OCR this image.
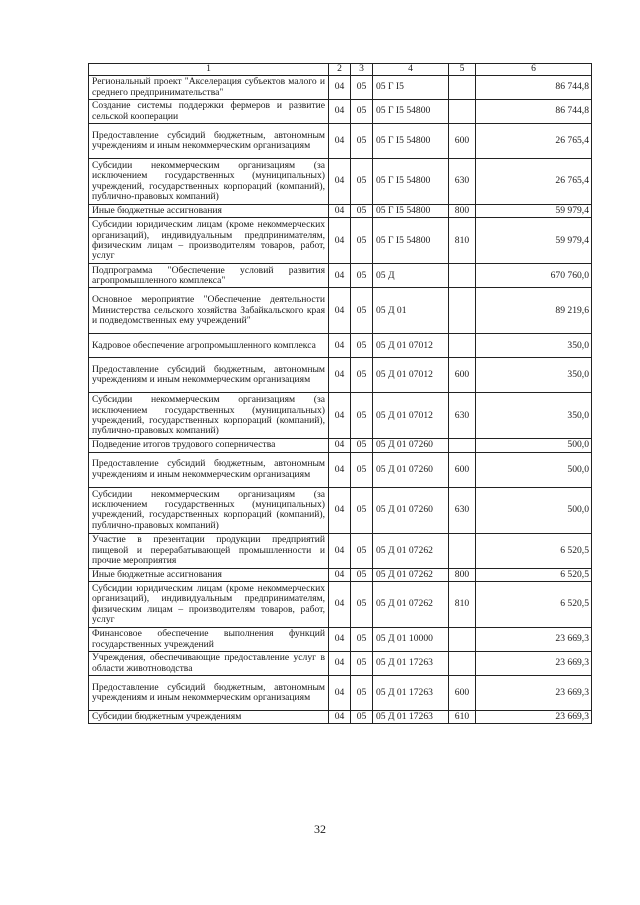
1	2	3	4	5	6
Региональный проект "Акселерация субъектов малого и среднего предпринимательства"	04	05	05 Г I5		86 744,8
Создание системы поддержки фермеров и развитие сельской кооперации	04	05	05 Г I5 54800		86 744,8
Предоставление субсидий бюджетным, автономным учреждениям и иным некоммерческим организациям	04	05	05 Г I5 54800	600	26 765,4
Субсидии некоммерческим организациям (за исключением государственных (муниципальных) учреждений, государственных корпораций (компаний), публично-правовых компаний)	04	05	05 Г I5 54800	630	26 765,4
Иные бюджетные ассигнования	04	05	05 Г I5 54800	800	59 979,4
Субсидии юридическим лицам (кроме некоммерческих организаций), индивидуальным предпринимателям, физическим лицам – производителям товаров, работ, услуг	04	05	05 Г I5 54800	810	59 979,4
Подпрограмма "Обеспечение условий развития агропромышленного комплекса"	04	05	05 Д		670 760,0
Основное мероприятие "Обеспечение деятельности Министерства сельского хозяйства Забайкальского края и подведомственных ему учреждений"	04	05	05 Д 01		89 219,6
Кадровое обеспечение агропромышленного комплекса	04	05	05 Д 01 07012		350,0
Предоставление субсидий бюджетным, автономным учреждениям и иным некоммерческим организациям	04	05	05 Д 01 07012	600	350,0
Субсидии некоммерческим организациям (за исключением государственных (муниципальных) учреждений, государственных корпораций (компаний), публично-правовых компаний)	04	05	05 Д 01 07012	630	350,0
Подведение итогов трудового соперничества	04	05	05 Д 01 07260		500,0
Предоставление субсидий бюджетным, автономным учреждениям и иным некоммерческим организациям	04	05	05 Д 01 07260	600	500,0
Субсидии некоммерческим организациям (за исключением государственных (муниципальных) учреждений, государственных корпораций (компаний), публично-правовых компаний)	04	05	05 Д 01 07260	630	500,0
Участие в презентации продукции предприятий пищевой и перерабатывающей промышленности и прочие мероприятия	04	05	05 Д 01 07262		6 520,5
Иные бюджетные ассигнования	04	05	05 Д 01 07262	800	6 520,5
Субсидии юридическим лицам (кроме некоммерческих организаций), индивидуальным предпринимателям, физическим лицам – производителям товаров, работ, услуг	04	05	05 Д 01 07262	810	6 520,5
Финансовое обеспечение выполнения функций государственных учреждений	04	05	05 Д 01 10000		23 669,3
Учреждения, обеспечивающие предоставление услуг в области животноводства	04	05	05 Д 01 17263		23 669,3
Предоставление субсидий бюджетным, автономным учреждениям и иным некоммерческим организациям	04	05	05 Д 01 17263	600	23 669,3
Субсидии бюджетным учреждениям	04	05	05 Д 01 17263	610	23 669,3
32
